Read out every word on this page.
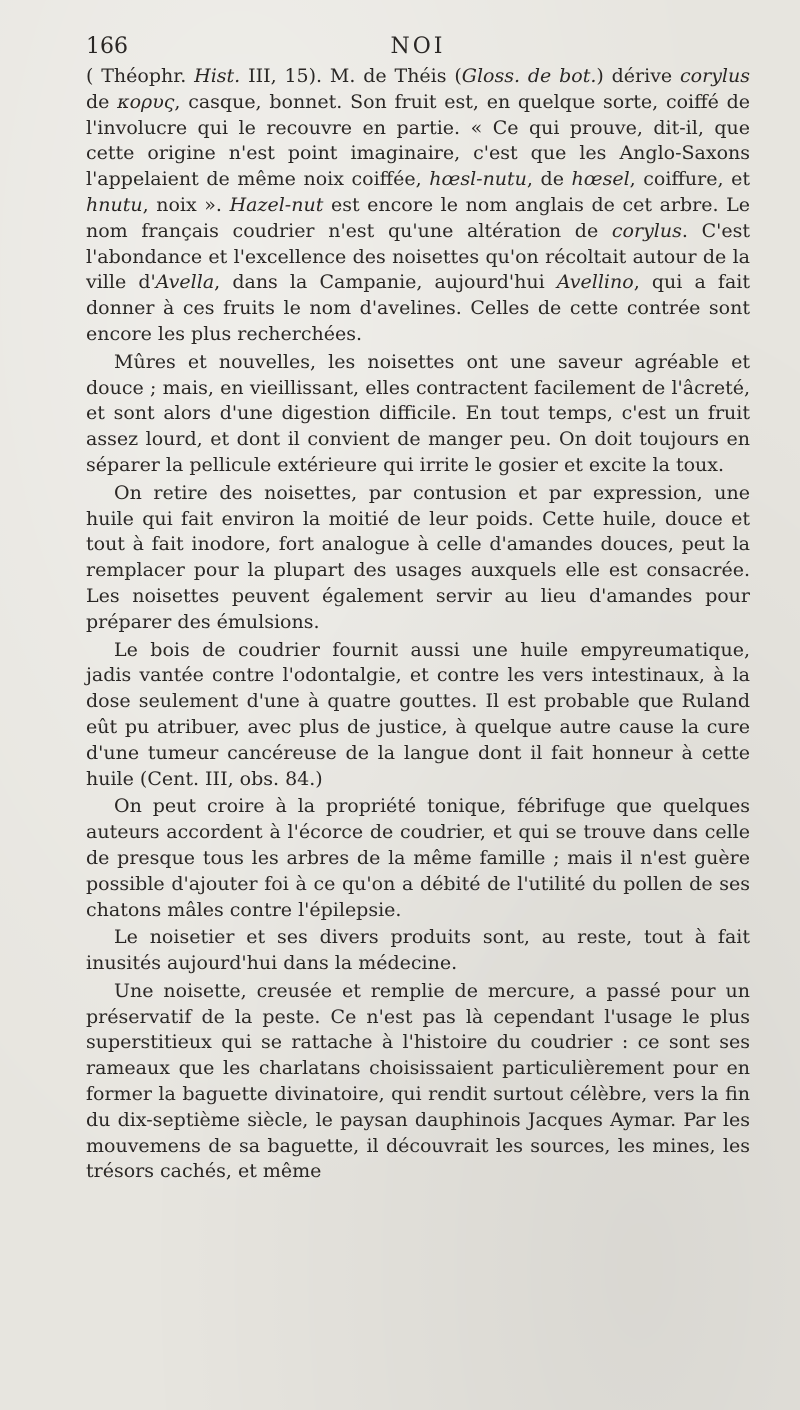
166	NOI

( Théophr. Hist. III, 15). M. de Théis (Gloss. de bot.) dérive corylus de κορυς, casque, bonnet. Son fruit est, en quelque sorte, coiffé de l'involucre qui le recouvre en partie. « Ce qui prouve, dit-il, que cette origine n'est point imaginaire, c'est que les Anglo-Saxons l'appelaient de même noix coiffée, hœsl-nutu, de hœsel, coiffure, et hnutu, noix ». Hazel-nut est encore le nom anglais de cet arbre. Le nom français coudrier n'est qu'une altération de corylus. C'est l'abondance et l'excellence des noisettes qu'on récoltait autour de la ville d'Avella, dans la Campanie, aujourd'hui Avellino, qui a fait donner à ces fruits le nom d'avelines. Celles de cette contrée sont encore les plus recherchées.

Mûres et nouvelles, les noisettes ont une saveur agréable et douce ; mais, en vieillissant, elles contractent facilement de l'âcreté, et sont alors d'une digestion difficile. En tout temps, c'est un fruit assez lourd, et dont il convient de manger peu. On doit toujours en séparer la pellicule extérieure qui irrite le gosier et excite la toux.

On retire des noisettes, par contusion et par expression, une huile qui fait environ la moitié de leur poids. Cette huile, douce et tout à fait inodore, fort analogue à celle d'amandes douces, peut la remplacer pour la plupart des usages auxquels elle est consacrée. Les noisettes peuvent également servir au lieu d'amandes pour préparer des émulsions.

Le bois de coudrier fournit aussi une huile empyreumatique, jadis vantée contre l'odontalgie, et contre les vers intestinaux, à la dose seulement d'une à quatre gouttes. Il est probable que Ruland eût pu atribuer, avec plus de justice, à quelque autre cause la cure d'une tumeur cancéreuse de la langue dont il fait honneur à cette huile (Cent. III, obs. 84.)

On peut croire à la propriété tonique, fébrifuge que quelques auteurs accordent à l'écorce de coudrier, et qui se trouve dans celle de presque tous les arbres de la même famille ; mais il n'est guère possible d'ajouter foi à ce qu'on a débité de l'utilité du pollen de ses chatons mâles contre l'épilepsie.

Le noisetier et ses divers produits sont, au reste, tout à fait inusités aujourd'hui dans la médecine.

Une noisette, creusée et remplie de mercure, a passé pour un préservatif de la peste. Ce n'est pas là cependant l'usage le plus superstitieux qui se rattache à l'histoire du coudrier : ce sont ses rameaux que les charlatans choisissaient particulièrement pour en former la baguette divinatoire, qui rendit surtout célèbre, vers la fin du dix-septième siècle, le paysan dauphinois Jacques Aymar. Par les mouvemens de sa baguette, il découvrait les sources, les mines, les trésors cachés, et même
